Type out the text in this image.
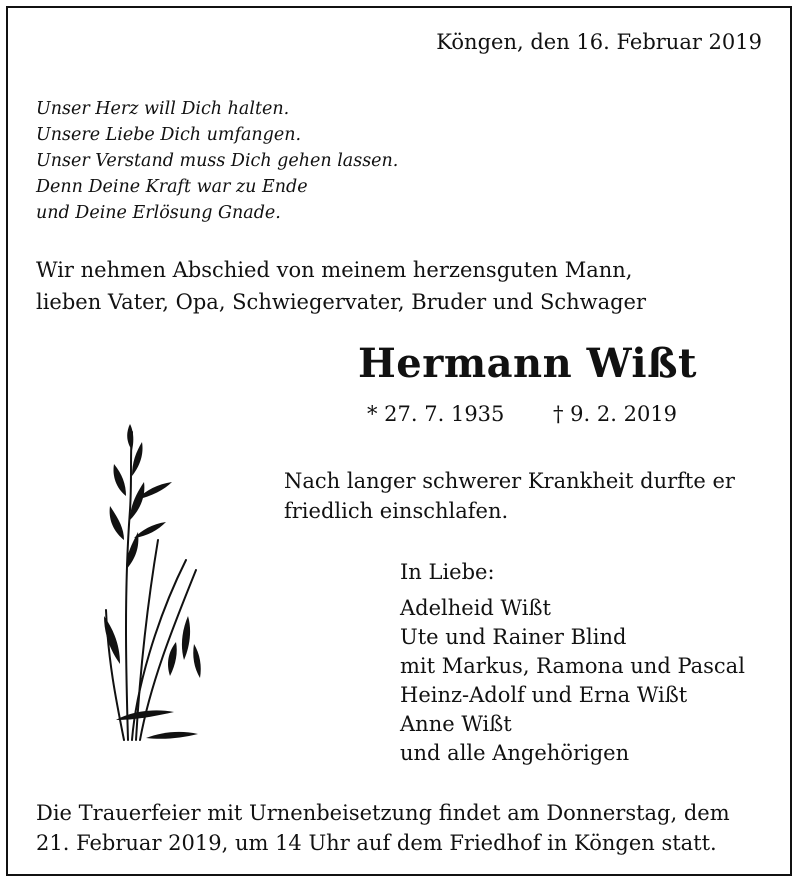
Köngen, den 16. Februar 2019
Unser Herz will Dich halten.
Unsere Liebe Dich umfangen.
Unser Verstand muss Dich gehen lassen.
Denn Deine Kraft war zu Ende
und Deine Erlösung Gnade.
Wir nehmen Abschied von meinem herzensguten Mann,
lieben Vater, Opa, Schwiegervater, Bruder und Schwager
Hermann Wißt
* 27. 7. 1935 † 9. 2. 2019
Nach langer schwerer Krankheit durfte er
friedlich einschlafen.
In Liebe:
Adelheid Wißt
Ute und Rainer Blind
mit Markus, Ramona und Pascal
Heinz-Adolf und Erna Wißt
Anne Wißt
und alle Angehörigen
Die Trauerfeier mit Urnenbeisetzung findet am Donnerstag, dem
21. Februar 2019, um 14 Uhr auf dem Friedhof in Köngen statt.
